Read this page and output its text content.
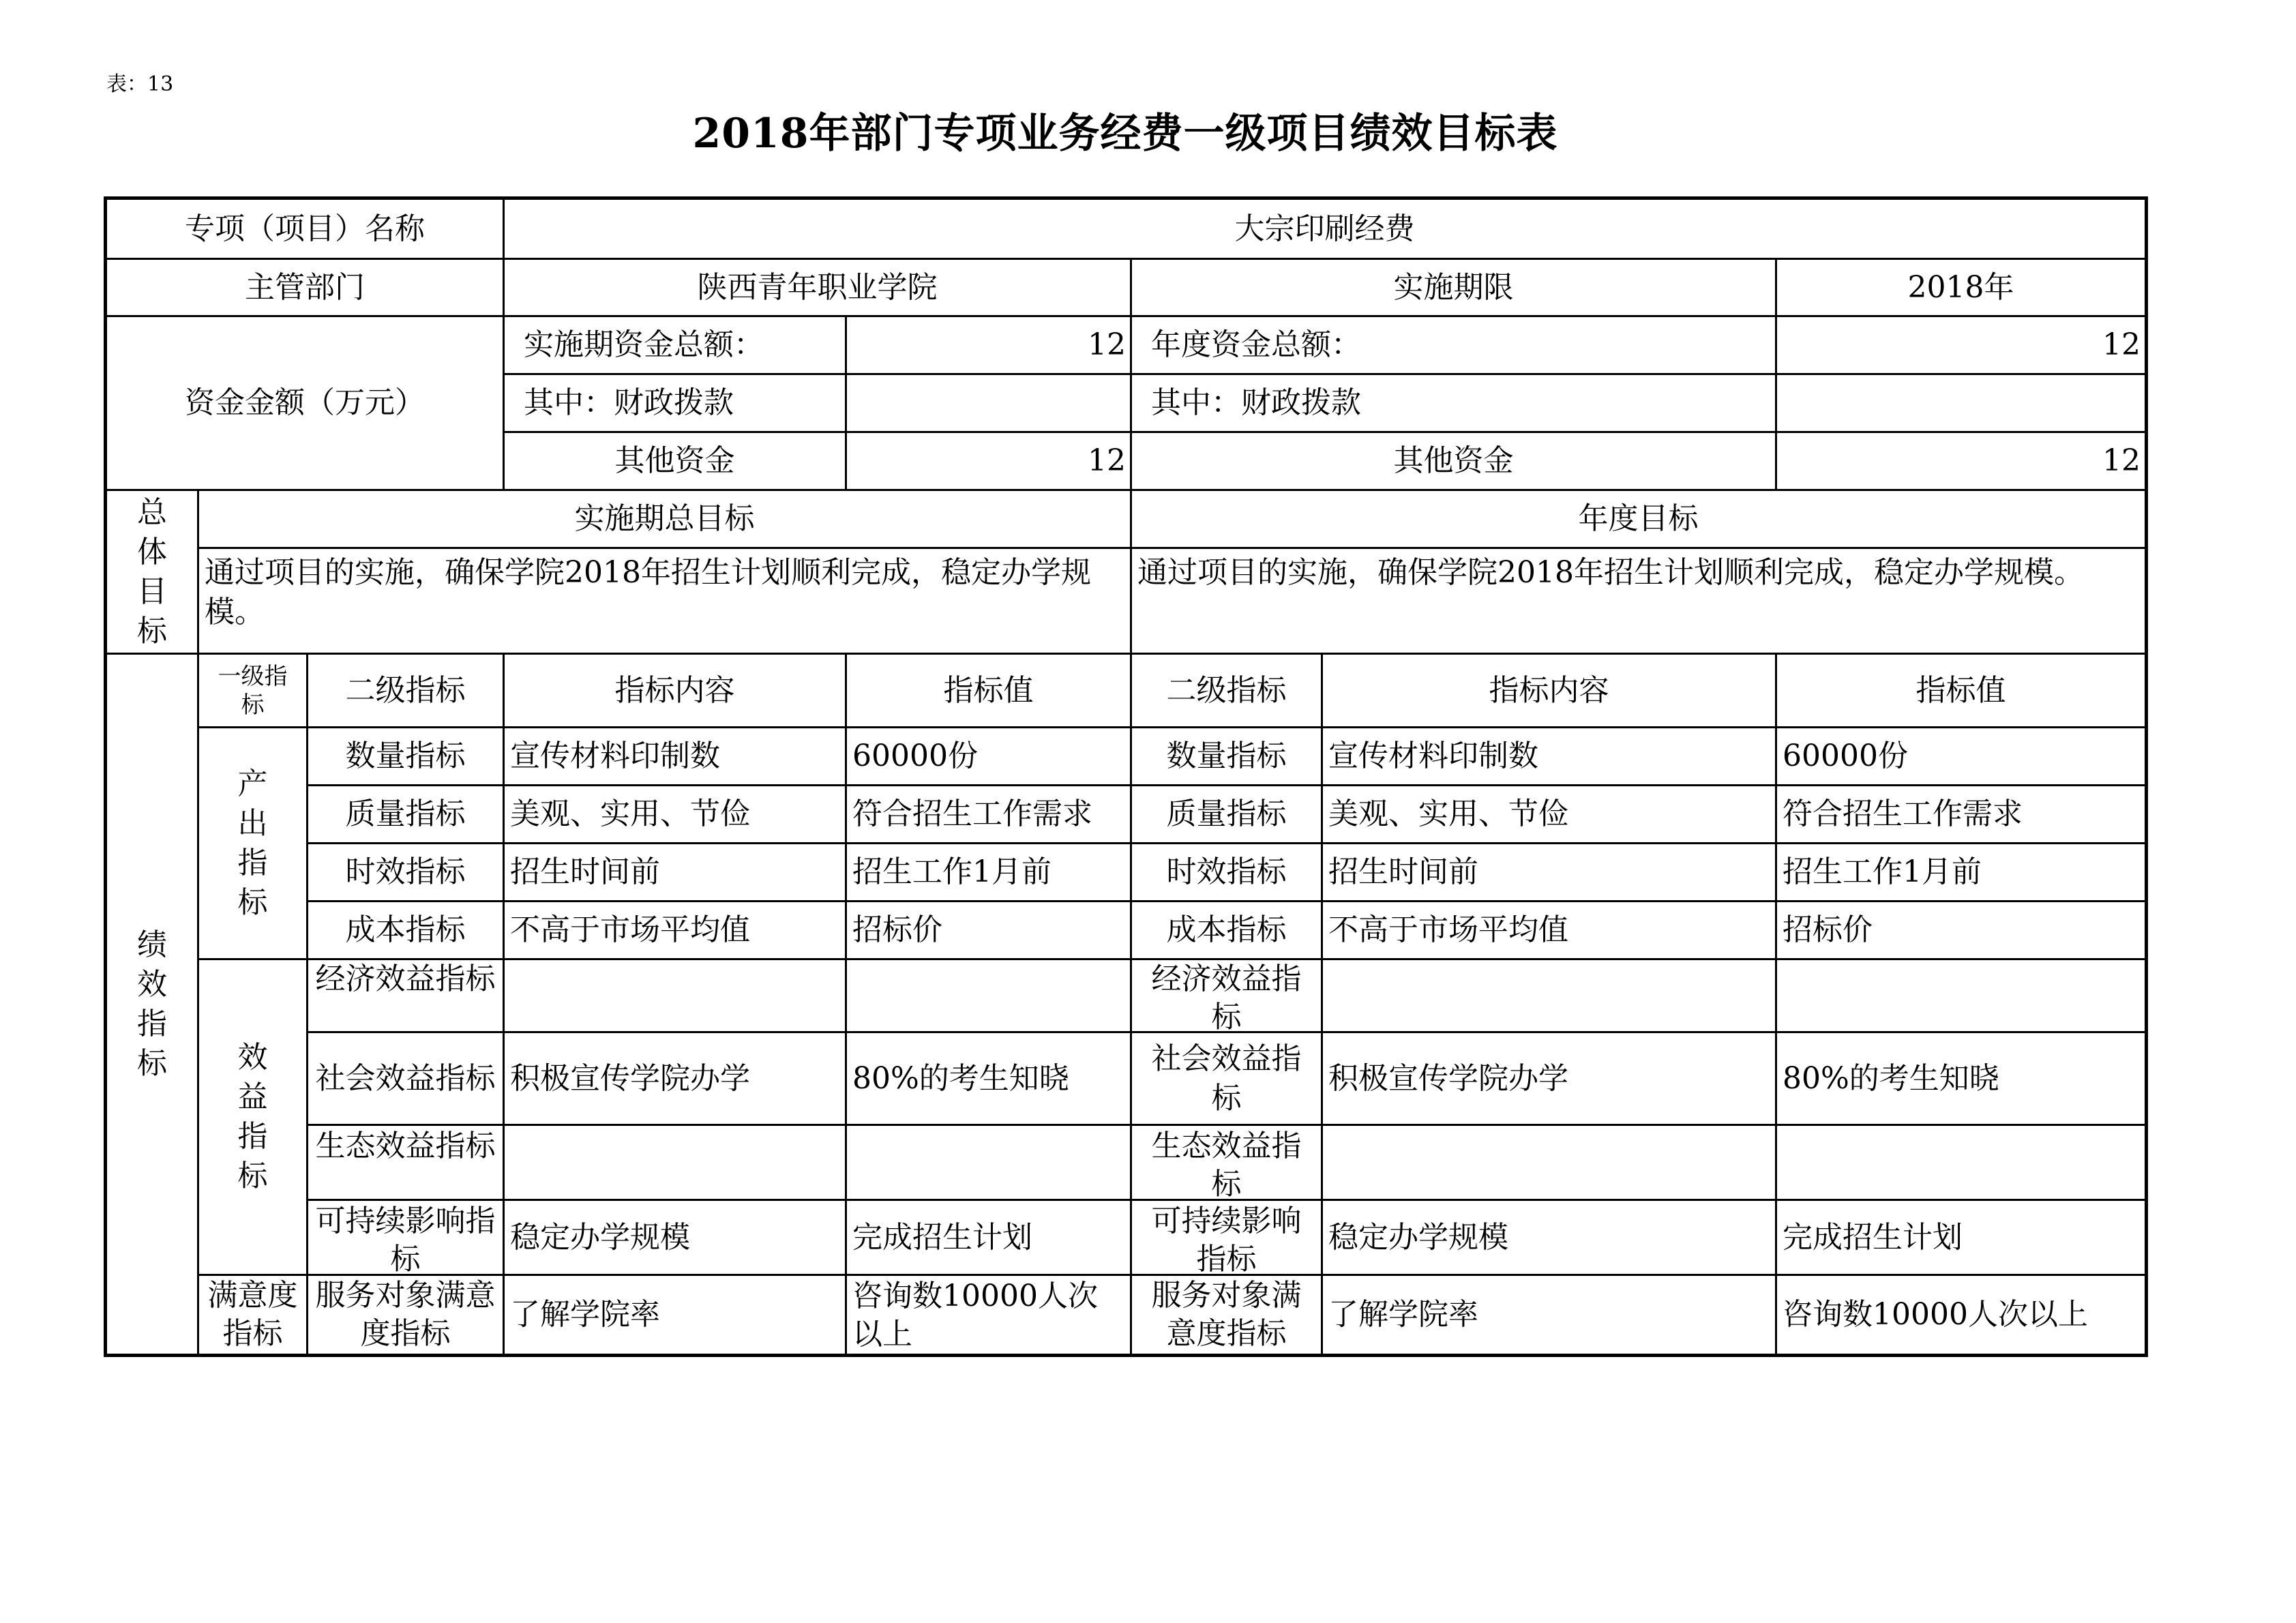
表：13
2018年部门专项业务经费一级项目绩效目标表
专项（项目）名称			大宗印刷经费				
主管部门			陕西青年职业学院		实施期限		2018年
资金金额（万元）			实施期资金总额：	12	年度资金总额：		12
			其中：财政拨款		其中：财政拨款		
			其他资金	12	其他资金		12
总体目标	实施期总目标				年度目标		
	通过项目的实施，确保学院2018年招生计划顺利完成，稳定办学规模。				通过项目的实施，确保学院2018年招生计划顺利完成，稳定办学规模。		
绩效指标	一级指标	二级指标	指标内容	指标值	二级指标	指标内容	指标值
	产出指标	数量指标	宣传材料印制数	60000份	数量指标	宣传材料印制数	60000份
		质量指标	美观、实用、节俭	符合招生工作需求	质量指标	美观、实用、节俭	符合招生工作需求
		时效指标	招生时间前	招生工作1月前	时效指标	招生时间前	招生工作1月前
		成本指标	不高于市场平均值	招标价	成本指标	不高于市场平均值	招标价
	效益指标	经济效益指标			经济效益指标		

		社会效益指标	积极宣传学院办学	80%的考生知晓	社会效益指标	积极宣传学院办学	80%的考生知晓

		生态效益指标			生态效益指标		

		可持续影响指标	稳定办学规模	完成招生计划	可持续影响指标	稳定办学规模	完成招生计划
	满意度指标	服务对象满意度指标	了解学院率	咨询数10000人次以上	服务对象满意度指标	了解学院率	咨询数10000人次以上
